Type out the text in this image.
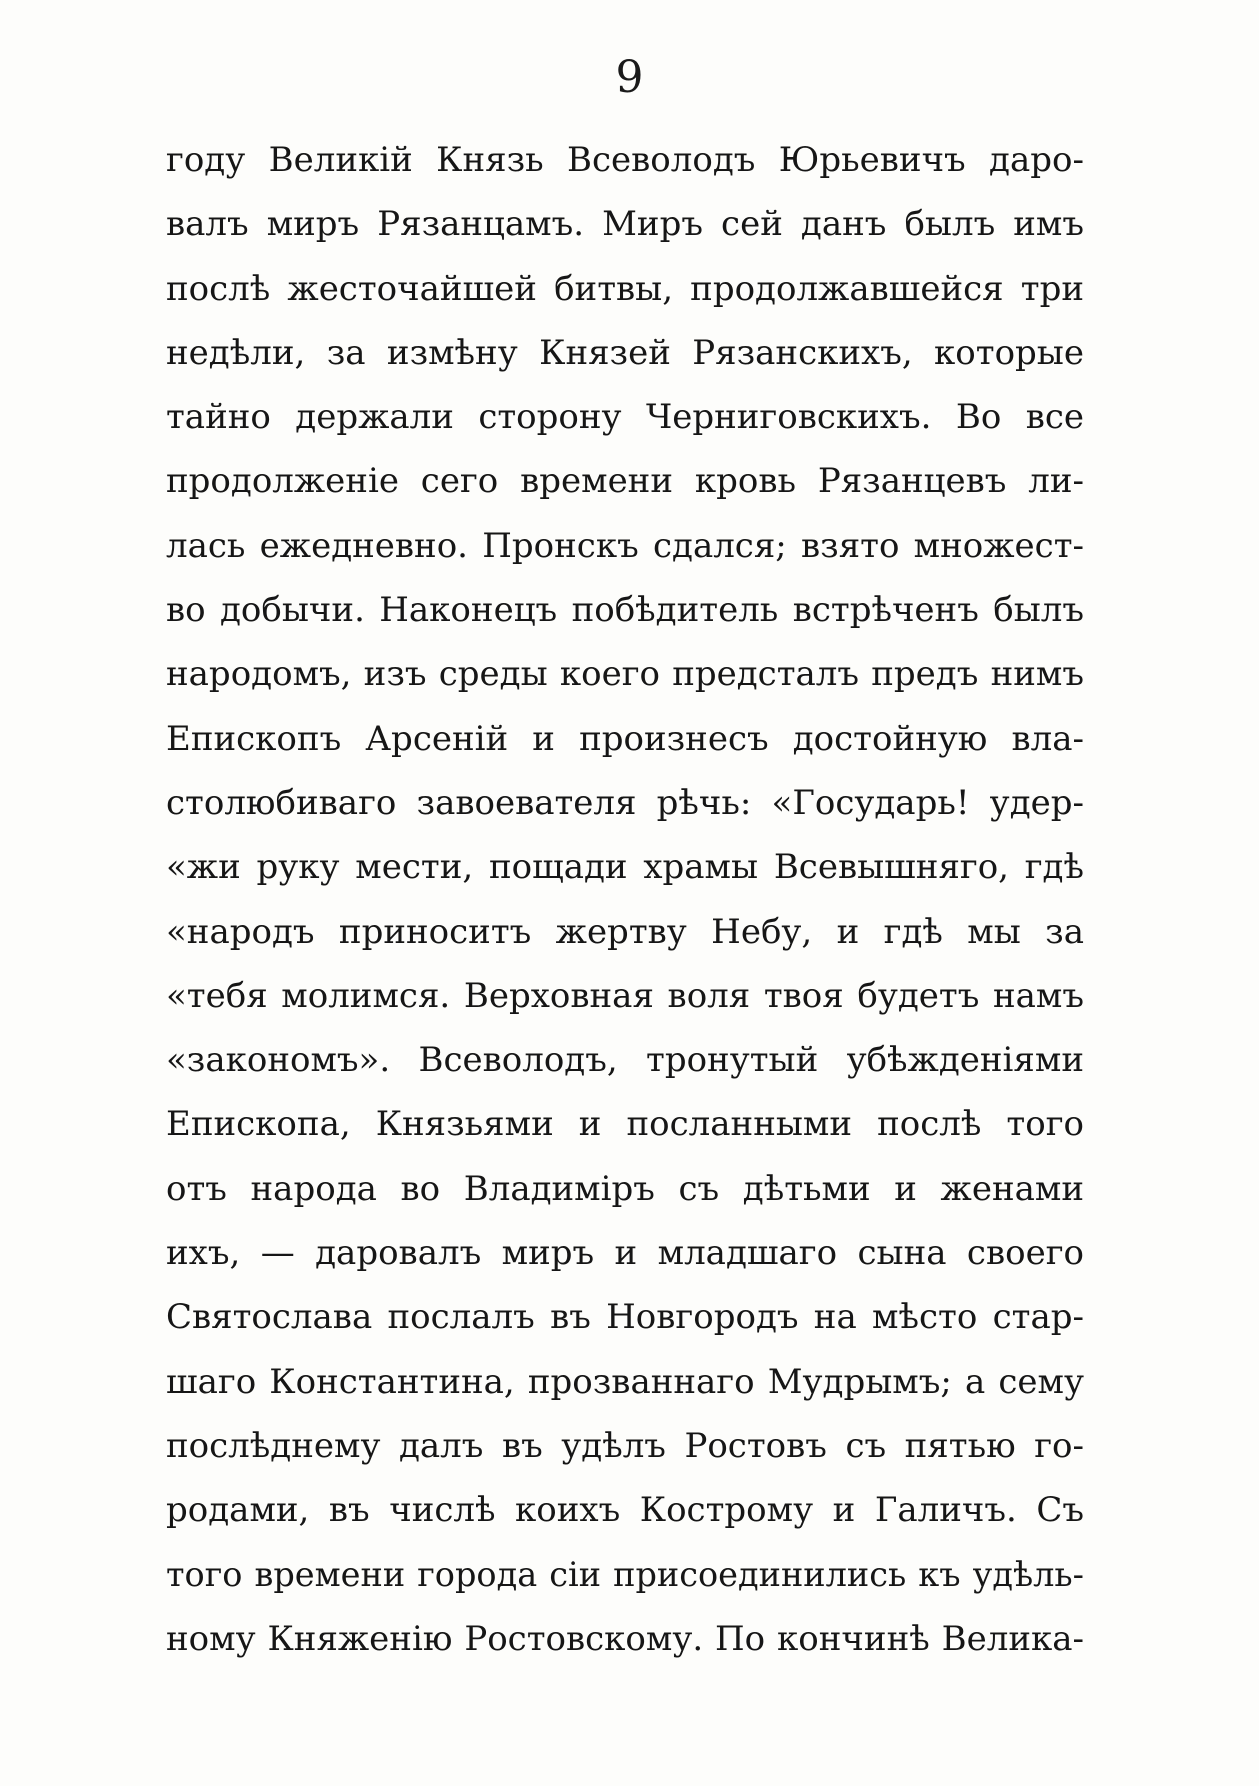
9
году Великій Князь Всеволодъ Юрьевичъ даро-
валъ миръ Рязанцамъ. Миръ сей данъ былъ имъ
послѣ жесточайшей битвы, продолжавшейся три
недѣли, за измѣну Князей Рязанскихъ, которые
тайно держали сторону Черниговскихъ. Во все
продолженіе сего времени кровь Рязанцевъ ли-
лась ежедневно. Пронскъ сдался; взято множест-
во добычи. Наконецъ побѣдитель встрѣченъ былъ
народомъ, изъ среды коего предсталъ предъ нимъ
Епископъ Арсеній и произнесъ достойную вла-
столюбиваго завоевателя рѣчь: «Государь! удер-
«жи руку мести, пощади храмы Всевышняго, гдѣ
«народъ приноситъ жертву Небу, и гдѣ мы за
«тебя молимся. Верховная воля твоя будетъ намъ
«закономъ». Всеволодъ, тронутый убѣжденіями
Епископа, Князьями и посланными послѣ того
отъ народа во Владиміръ съ дѣтьми и женами
ихъ, — даровалъ миръ и младшаго сына своего
Святослава послалъ въ Новгородъ на мѣсто стар-
шаго Константина, прозваннаго Мудрымъ; а сему
послѣднему далъ въ удѣлъ Ростовъ съ пятью го-
родами, въ числѣ коихъ Кострому и Галичъ. Съ
того времени города сіи присоединились къ удѣль-
ному Княженію Ростовскому. По кончинѣ Велика-
